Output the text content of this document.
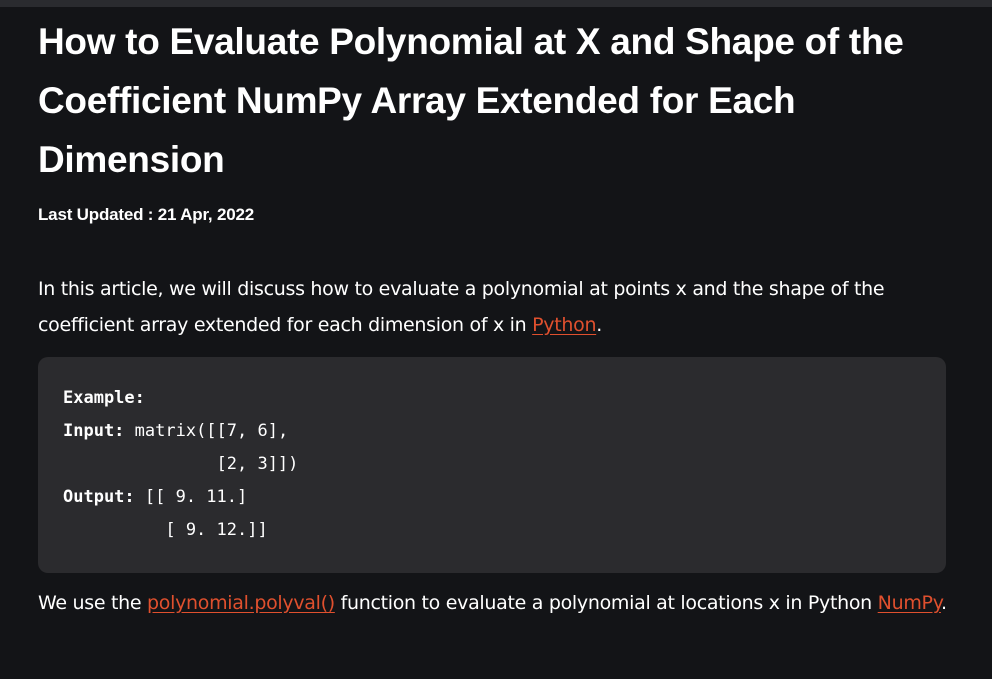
How to Evaluate Polynomial at X and Shape of the Coefficient NumPy Array Extended for Each Dimension
Last Updated : 21 Apr, 2022

In this article, we will discuss how to evaluate a polynomial at points x and the shape of the coefficient array extended for each dimension of x in Python.

Example:
Input: matrix([[7, 6],
[2, 3]])
Output: [[ 9. 11.]
[ 9. 12.]]

We use the polynomial.polyval() function to evaluate a polynomial at locations x in Python NumPy.
